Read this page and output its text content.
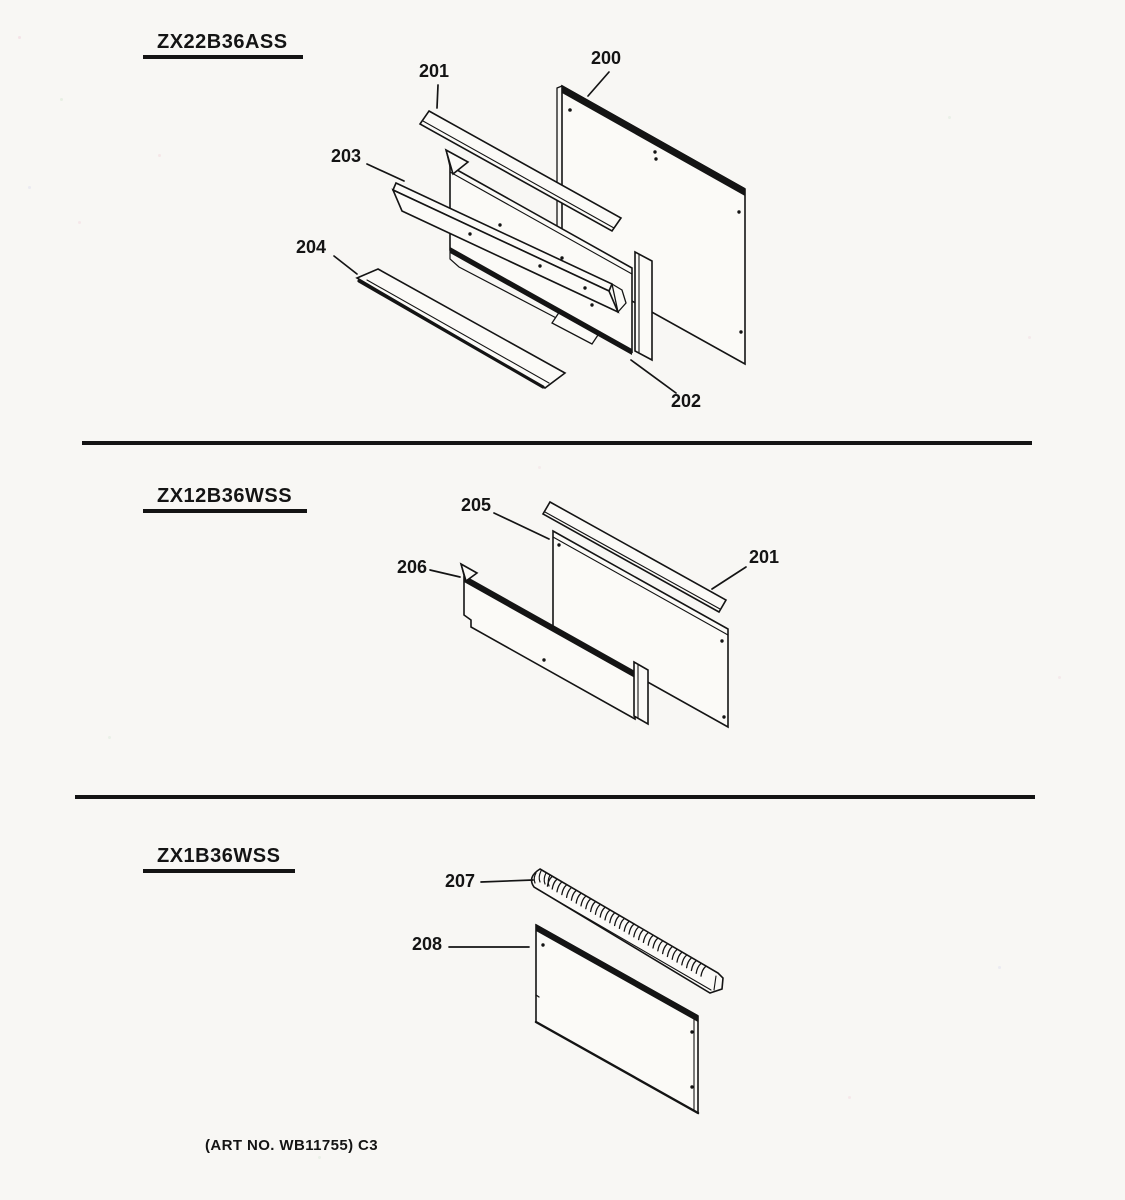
ZX22B36ASS
ZX12B36WSS
ZX1B36WSS
201
200
203
204
202
205
206	201
207
208
(ART NO. WB11755) C3
